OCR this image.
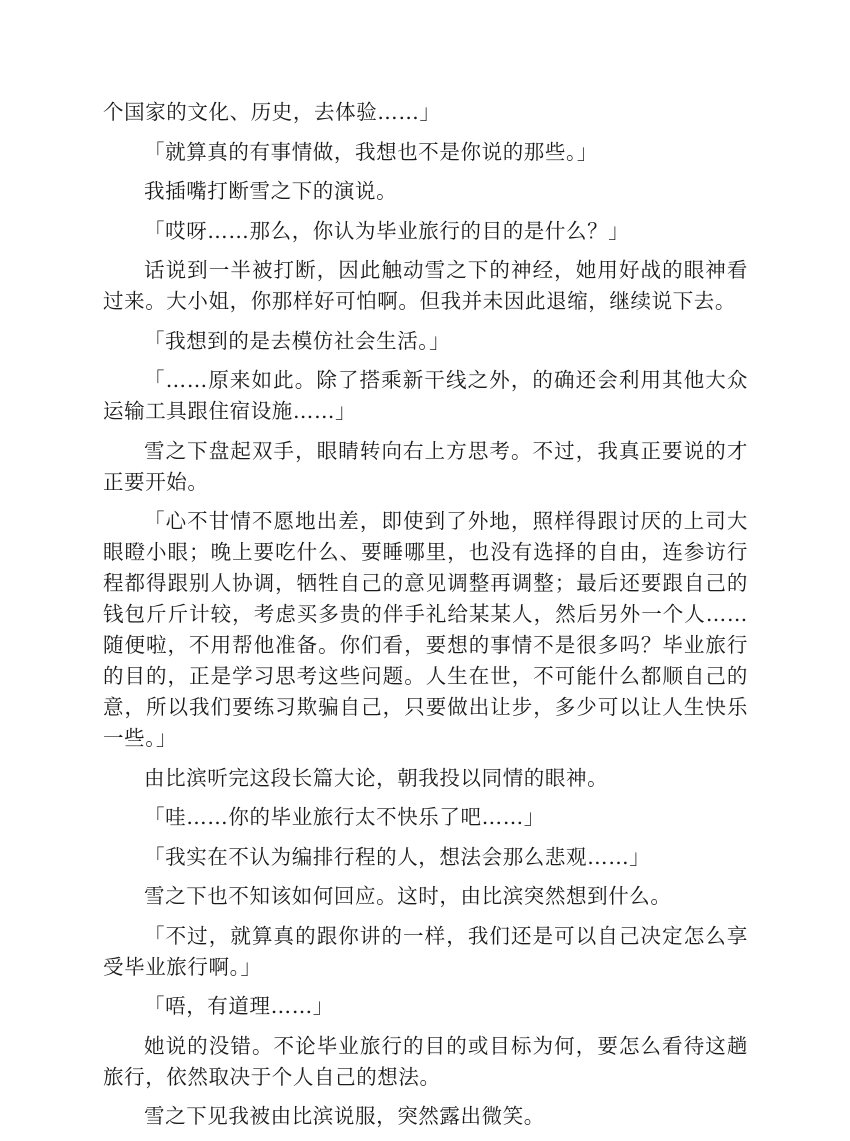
个国家的文化、历史，去体验……」

「就算真的有事情做，我想也不是你说的那些。」

我插嘴打断雪之下的演说。

「哎呀……那么，你认为毕业旅行的目的是什么？」

话说到一半被打断，因此触动雪之下的神经，她用好战的眼神看过来。大小姐，你那样好可怕啊。但我并未因此退缩，继续说下去。

「我想到的是去模仿社会生活。」

「……原来如此。除了搭乘新干线之外，的确还会利用其他大众运输工具跟住宿设施……」

雪之下盘起双手，眼睛转向右上方思考。不过，我真正要说的才正要开始。

「心不甘情不愿地出差，即使到了外地，照样得跟讨厌的上司大眼瞪小眼；晚上要吃什么、要睡哪里，也没有选择的自由，连参访行程都得跟别人协调，牺牲自己的意见调整再调整；最后还要跟自己的钱包斤斤计较，考虑买多贵的伴手礼给某某人，然后另外一个人……随便啦，不用帮他准备。你们看，要想的事情不是很多吗？毕业旅行的目的，正是学习思考这些问题。人生在世，不可能什么都顺自己的意，所以我们要练习欺骗自己，只要做出让步，多少可以让人生快乐一些。」

由比滨听完这段长篇大论，朝我投以同情的眼神。

「哇……你的毕业旅行太不快乐了吧……」

「我实在不认为编排行程的人，想法会那么悲观……」

雪之下也不知该如何回应。这时，由比滨突然想到什么。

「不过，就算真的跟你讲的一样，我们还是可以自己决定怎么享受毕业旅行啊。」

「唔，有道理……」

她说的没错。不论毕业旅行的目的或目标为何，要怎么看待这趟旅行，依然取决于个人自己的想法。

雪之下见我被由比滨说服，突然露出微笑。
